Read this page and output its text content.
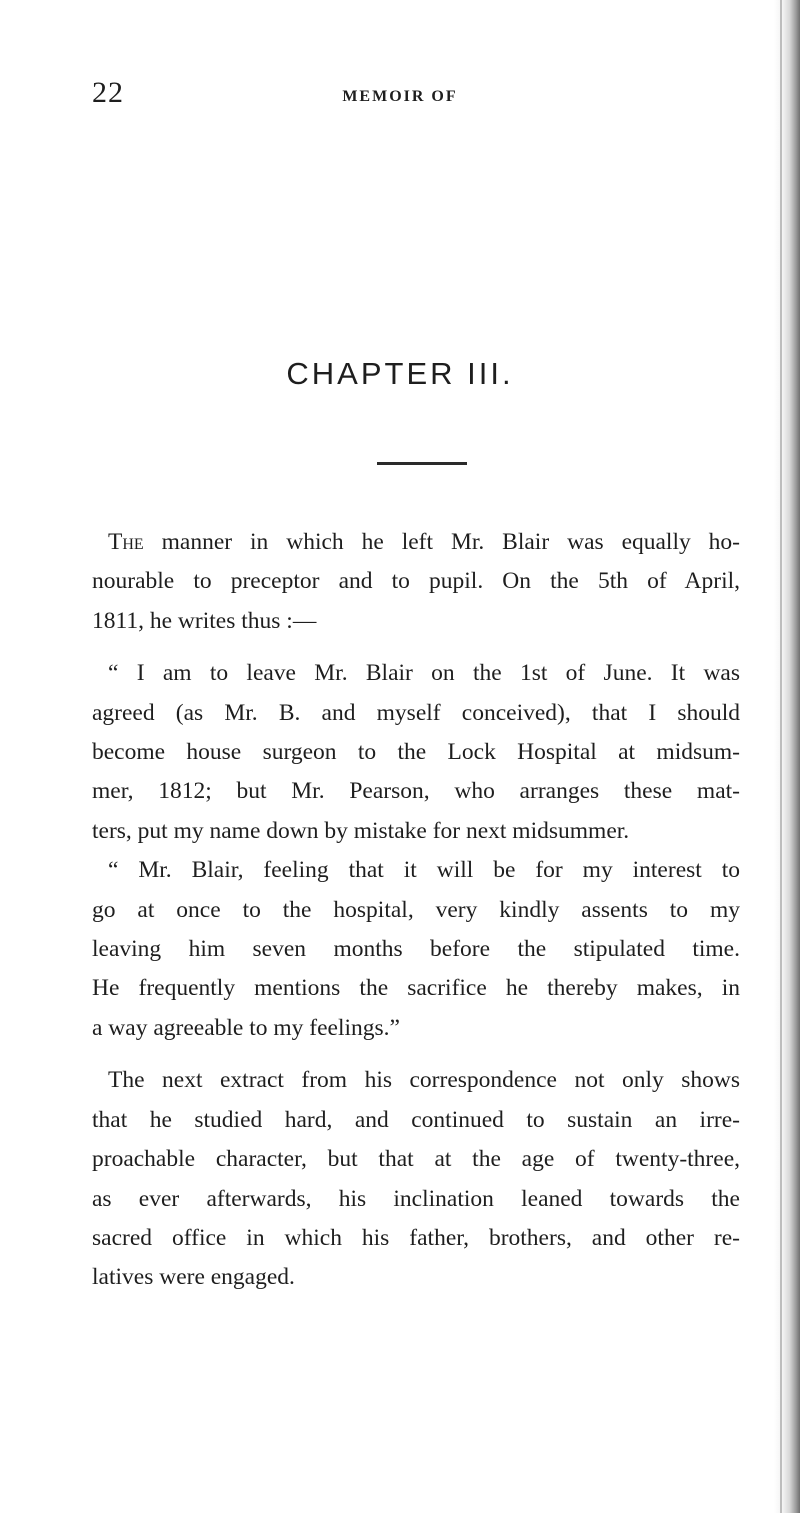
22	MEMOIR OF
CHAPTER III.

The manner in which he left Mr. Blair was equally ho-
nourable to preceptor and to pupil. On the 5th of April,
1811, he writes thus :—

“ I am to leave Mr. Blair on the 1st of June. It was
agreed (as Mr. B. and myself conceived), that I should
become house surgeon to the Lock Hospital at midsum-
mer, 1812; but Mr. Pearson, who arranges these mat-
ters, put my name down by mistake for next midsummer.

“ Mr. Blair, feeling that it will be for my interest to
go at once to the hospital, very kindly assents to my
leaving him seven months before the stipulated time.
He frequently mentions the sacrifice he thereby makes, in
a way agreeable to my feelings.”

The next extract from his correspondence not only shows
that he studied hard, and continued to sustain an irre-
proachable character, but that at the age of twenty-three,
as ever afterwards, his inclination leaned towards the
sacred office in which his father, brothers, and other re-
latives were engaged.
